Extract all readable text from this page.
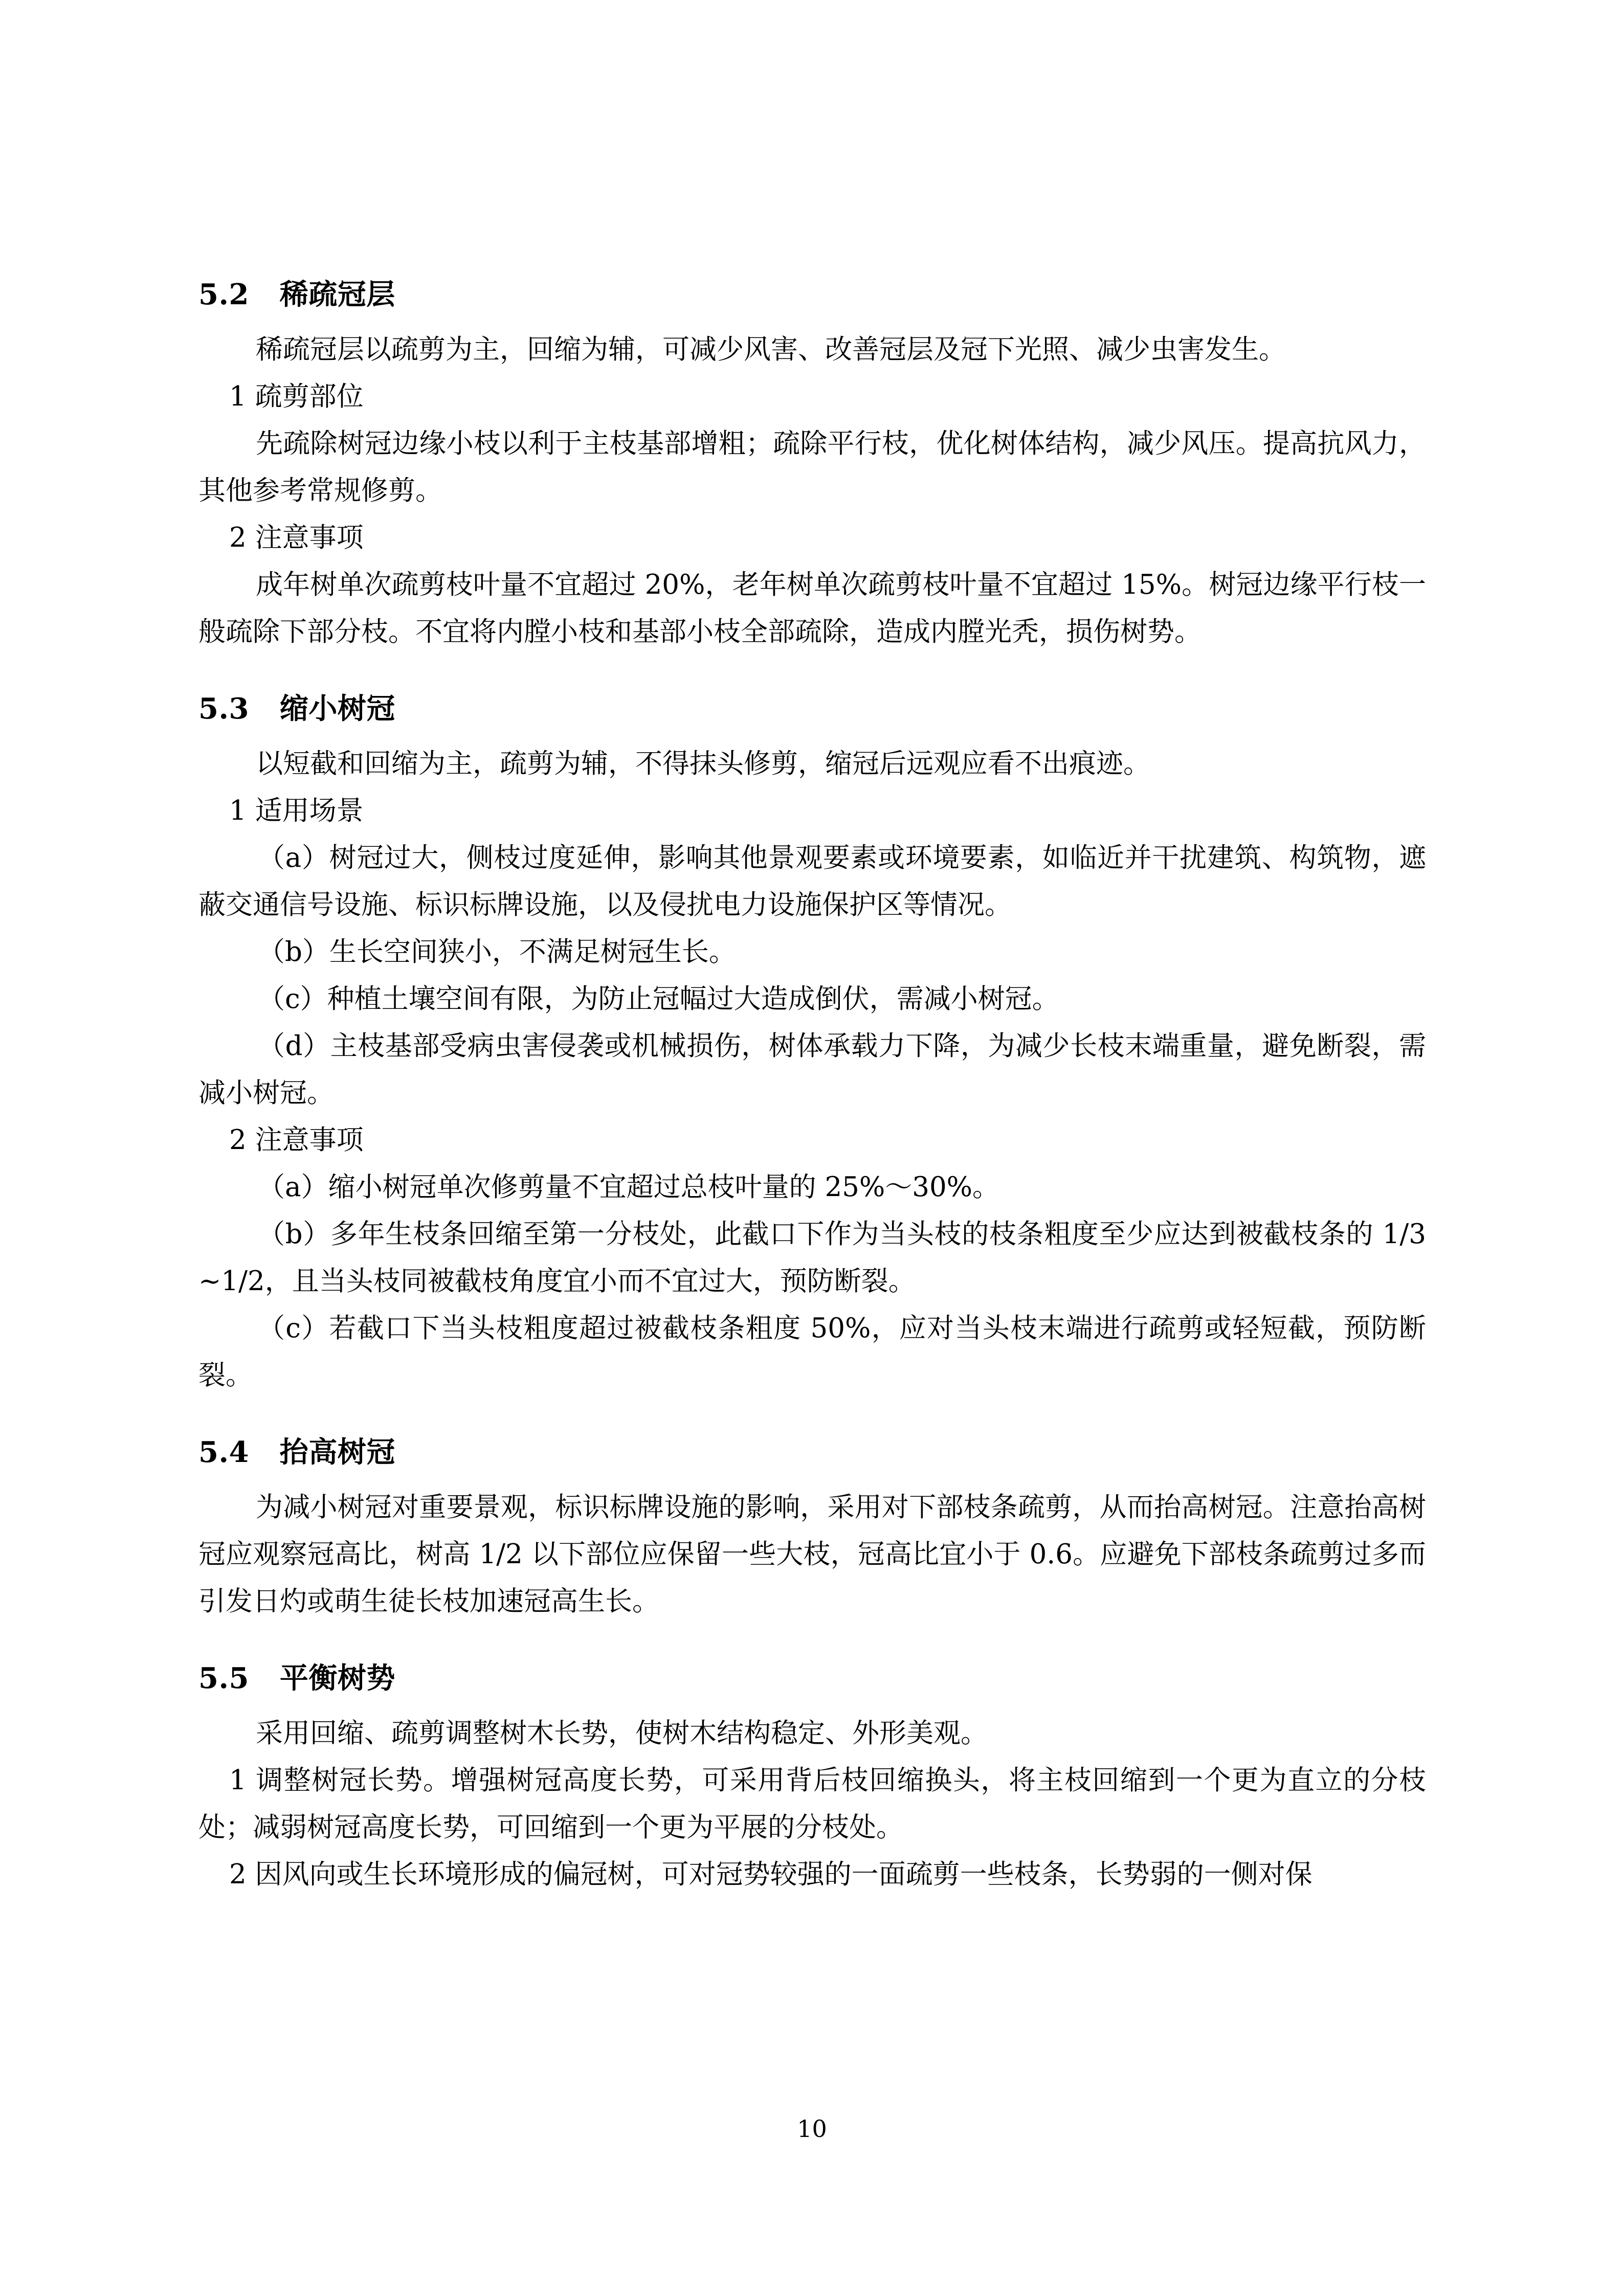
5.2   稀疏冠层

稀疏冠层以疏剪为主，回缩为辅，可减少风害、改善冠层及冠下光照、减少虫害发生。

1 疏剪部位

先疏除树冠边缘小枝以利于主枝基部增粗；疏除平行枝，优化树体结构，减少风压。提高抗风力，其他参考常规修剪。

2 注意事项

成年树单次疏剪枝叶量不宜超过 20%，老年树单次疏剪枝叶量不宜超过 15%。树冠边缘平行枝一般疏除下部分枝。不宜将内膛小枝和基部小枝全部疏除，造成内膛光秃，损伤树势。

5.3   缩小树冠

以短截和回缩为主，疏剪为辅，不得抹头修剪，缩冠后远观应看不出痕迹。

1 适用场景

（a）树冠过大，侧枝过度延伸，影响其他景观要素或环境要素，如临近并干扰建筑、构筑物，遮蔽交通信号设施、标识标牌设施，以及侵扰电力设施保护区等情况。

（b）生长空间狭小，不满足树冠生长。

（c）种植土壤空间有限，为防止冠幅过大造成倒伏，需减小树冠。

（d）主枝基部受病虫害侵袭或机械损伤，树体承载力下降，为减少长枝末端重量，避免断裂，需减小树冠。

2 注意事项

（a）缩小树冠单次修剪量不宜超过总枝叶量的 25%～30%。

（b）多年生枝条回缩至第一分枝处，此截口下作为当头枝的枝条粗度至少应达到被截枝条的 1/3~1/2，且当头枝同被截枝角度宜小而不宜过大，预防断裂。

（c）若截口下当头枝粗度超过被截枝条粗度 50%，应对当头枝末端进行疏剪或轻短截，预防断裂。

5.4   抬高树冠

为减小树冠对重要景观，标识标牌设施的影响，采用对下部枝条疏剪，从而抬高树冠。注意抬高树冠应观察冠高比，树高 1/2 以下部位应保留一些大枝，冠高比宜小于 0.6。应避免下部枝条疏剪过多而引发日灼或萌生徒长枝加速冠高生长。

5.5   平衡树势

采用回缩、疏剪调整树木长势，使树木结构稳定、外形美观。

1 调整树冠长势。增强树冠高度长势，可采用背后枝回缩换头，将主枝回缩到一个更为直立的分枝处；减弱树冠高度长势，可回缩到一个更为平展的分枝处。

2 因风向或生长环境形成的偏冠树，可对冠势较强的一面疏剪一些枝条，长势弱的一侧对保

10
